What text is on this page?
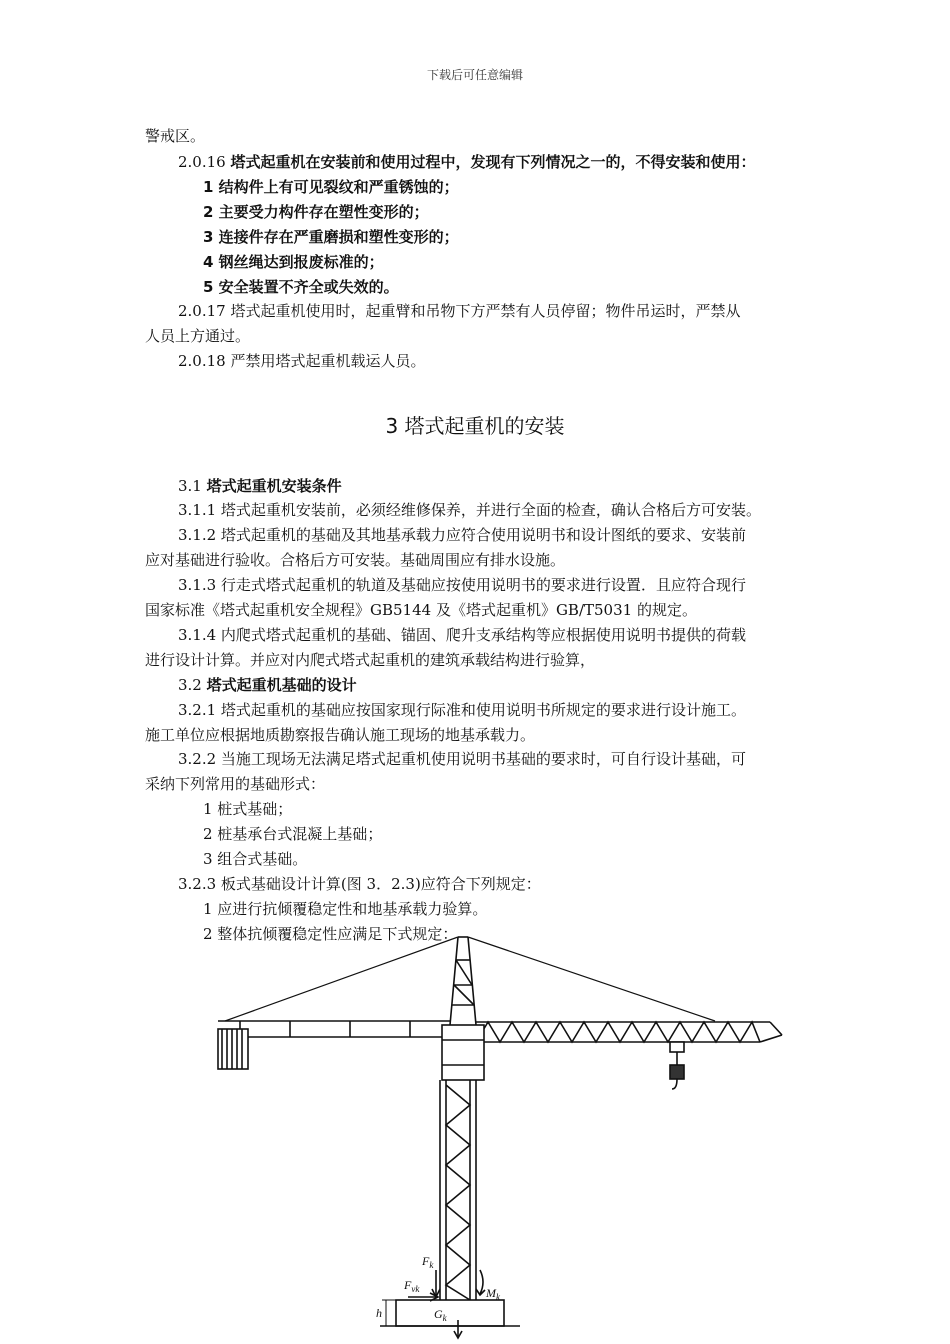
下载后可任意编辑
警戒区。
2.0.16 塔式起重机在安装前和使用过程中，发现有下列情况之一的，不得安装和使用：
1 结构件上有可见裂纹和严重锈蚀的；
2 主要受力构件存在塑性变形的；
3 连接件存在严重磨损和塑性变形的；
4 钢丝绳达到报废标准的；
5 安全装置不齐全或失效的。
2.0.17 塔式起重机使用时，起重臂和吊物下方严禁有人员停留；物件吊运时，严禁从
人员上方通过。
2.0.18 严禁用塔式起重机载运人员。
3.1 塔式起重机安装条件
3.1.1 塔式起重机安装前，必须经维修保养，并进行全面的检查，确认合格后方可安装。
3.1.2 塔式起重机的基础及其地基承载力应符合使用说明书和设计图纸的要求、安装前
应对基础进行验收。合格后方可安装。基础周围应有排水设施。
3.1.3 行走式塔式起重机的轨道及基础应按使用说明书的要求进行设置．且应符合现行
国家标准《塔式起重机安全规程》GB5144 及《塔式起重机》GB/T5031 的规定。
3.1.4 内爬式塔式起重机的基础、锚固、爬升支承结构等应根据使用说明书提供的荷载
进行设计计算。并应对内爬式塔式起重机的建筑承载结构进行验算，
3.2 塔式起重机基础的设计
3.2.1 塔式起重机的基础应按国家现行际准和使用说明书所规定的要求进行设计施工。
施工单位应根据地质勘察报告确认施工现场的地基承载力。
3.2.2 当施工现场无法满足塔式起重机使用说明书基础的要求时，可自行设计基础，可
采纳下列常用的基础形式：
1 桩式基础；
2 桩基承台式混凝上基础；
3 组合式基础。
3.2.3 板式基础设计计算(图 3．2.3)应符合下列规定：
1 应进行抗倾覆稳定性和地基承载力验算。
2 整体抗倾覆稳定性应满足下式规定：
3 塔式起重机的安装
$F_k$
$F_{vk}$	$M_k$
$G_k$
h
